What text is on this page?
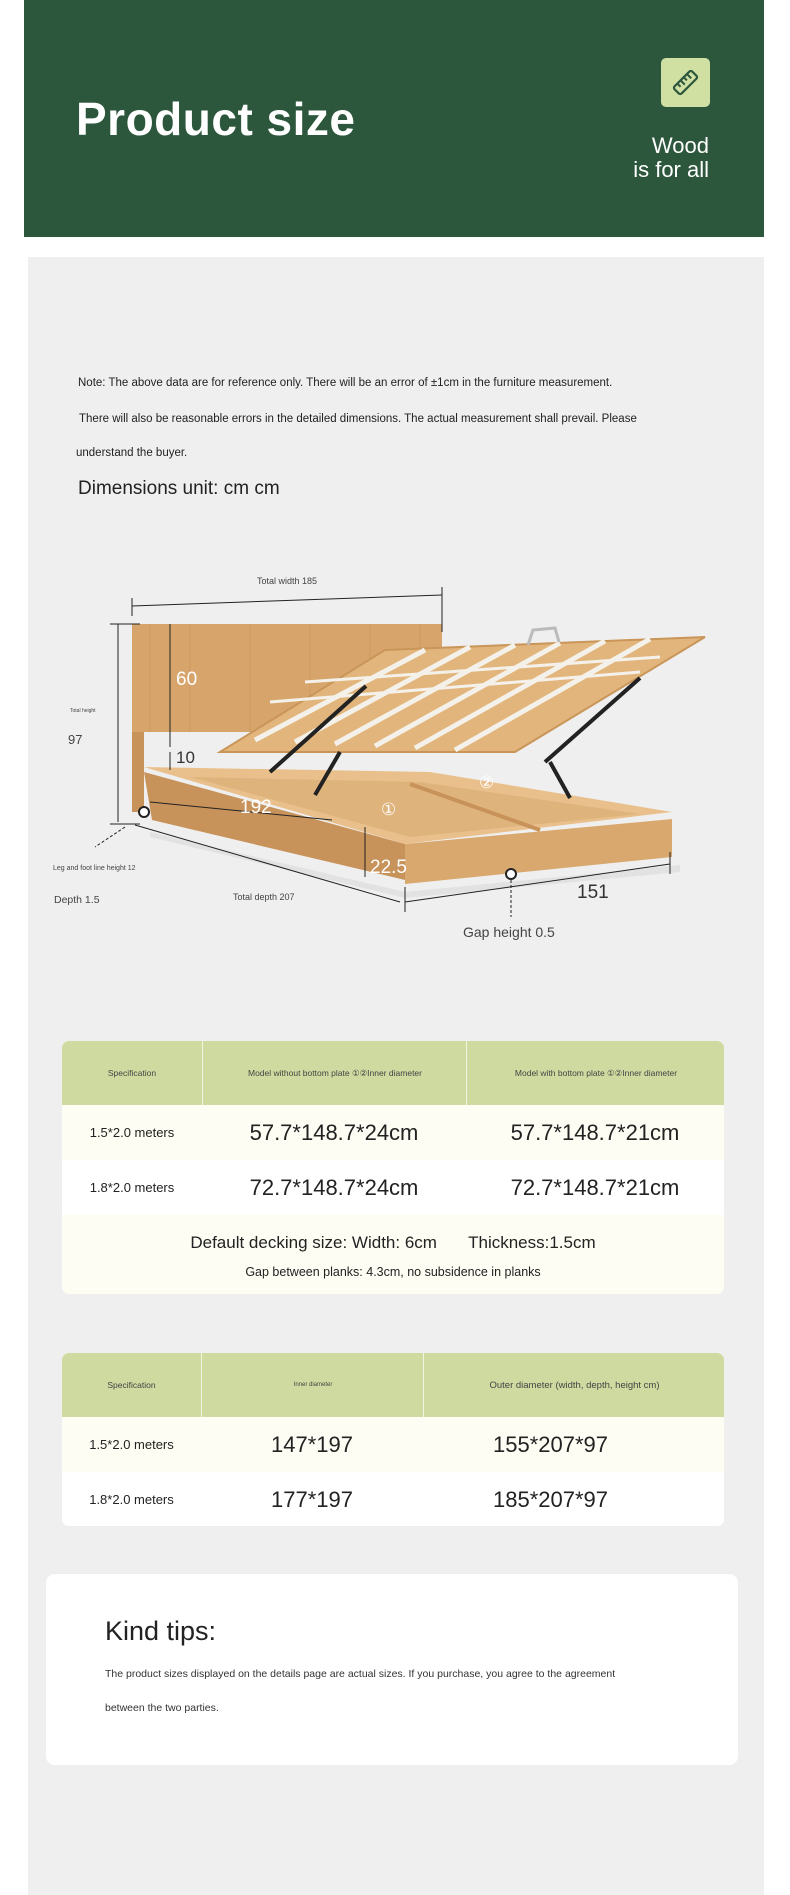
Product size
Wood
is for all
Note: The above data are for reference only. There will be an error of ±1cm in the furniture measurement.
There will also be reasonable errors in the detailed dimensions. The actual measurement shall prevail. Please
understand the buyer.
Dimensions unit: cm cm
Total width 185
60
10
Total height
97
192	①
②
22.5
151
Leg and foot line height 12
Depth 1.5	Total depth 207
Gap height 0.5
Specification	Model without bottom plate ①②Inner diameter	Model with bottom plate ①②Inner diameter
1.5*2.0 meters	57.7*148.7*24cm	57.7*148.7*21cm
1.8*2.0 meters	72.7*148.7*24cm	72.7*148.7*21cm
Default decking size: Width: 6cm Thickness:1.5cm
Gap between planks: 4.3cm, no subsidence in planks
Specification	Inner diameter	Outer diameter (width, depth, height cm)
1.5*2.0 meters	147*197	155*207*97
1.8*2.0 meters	177*197	185*207*97
Kind tips:
The product sizes displayed on the details page are actual sizes. If you purchase, you agree to the agreement
between the two parties.
